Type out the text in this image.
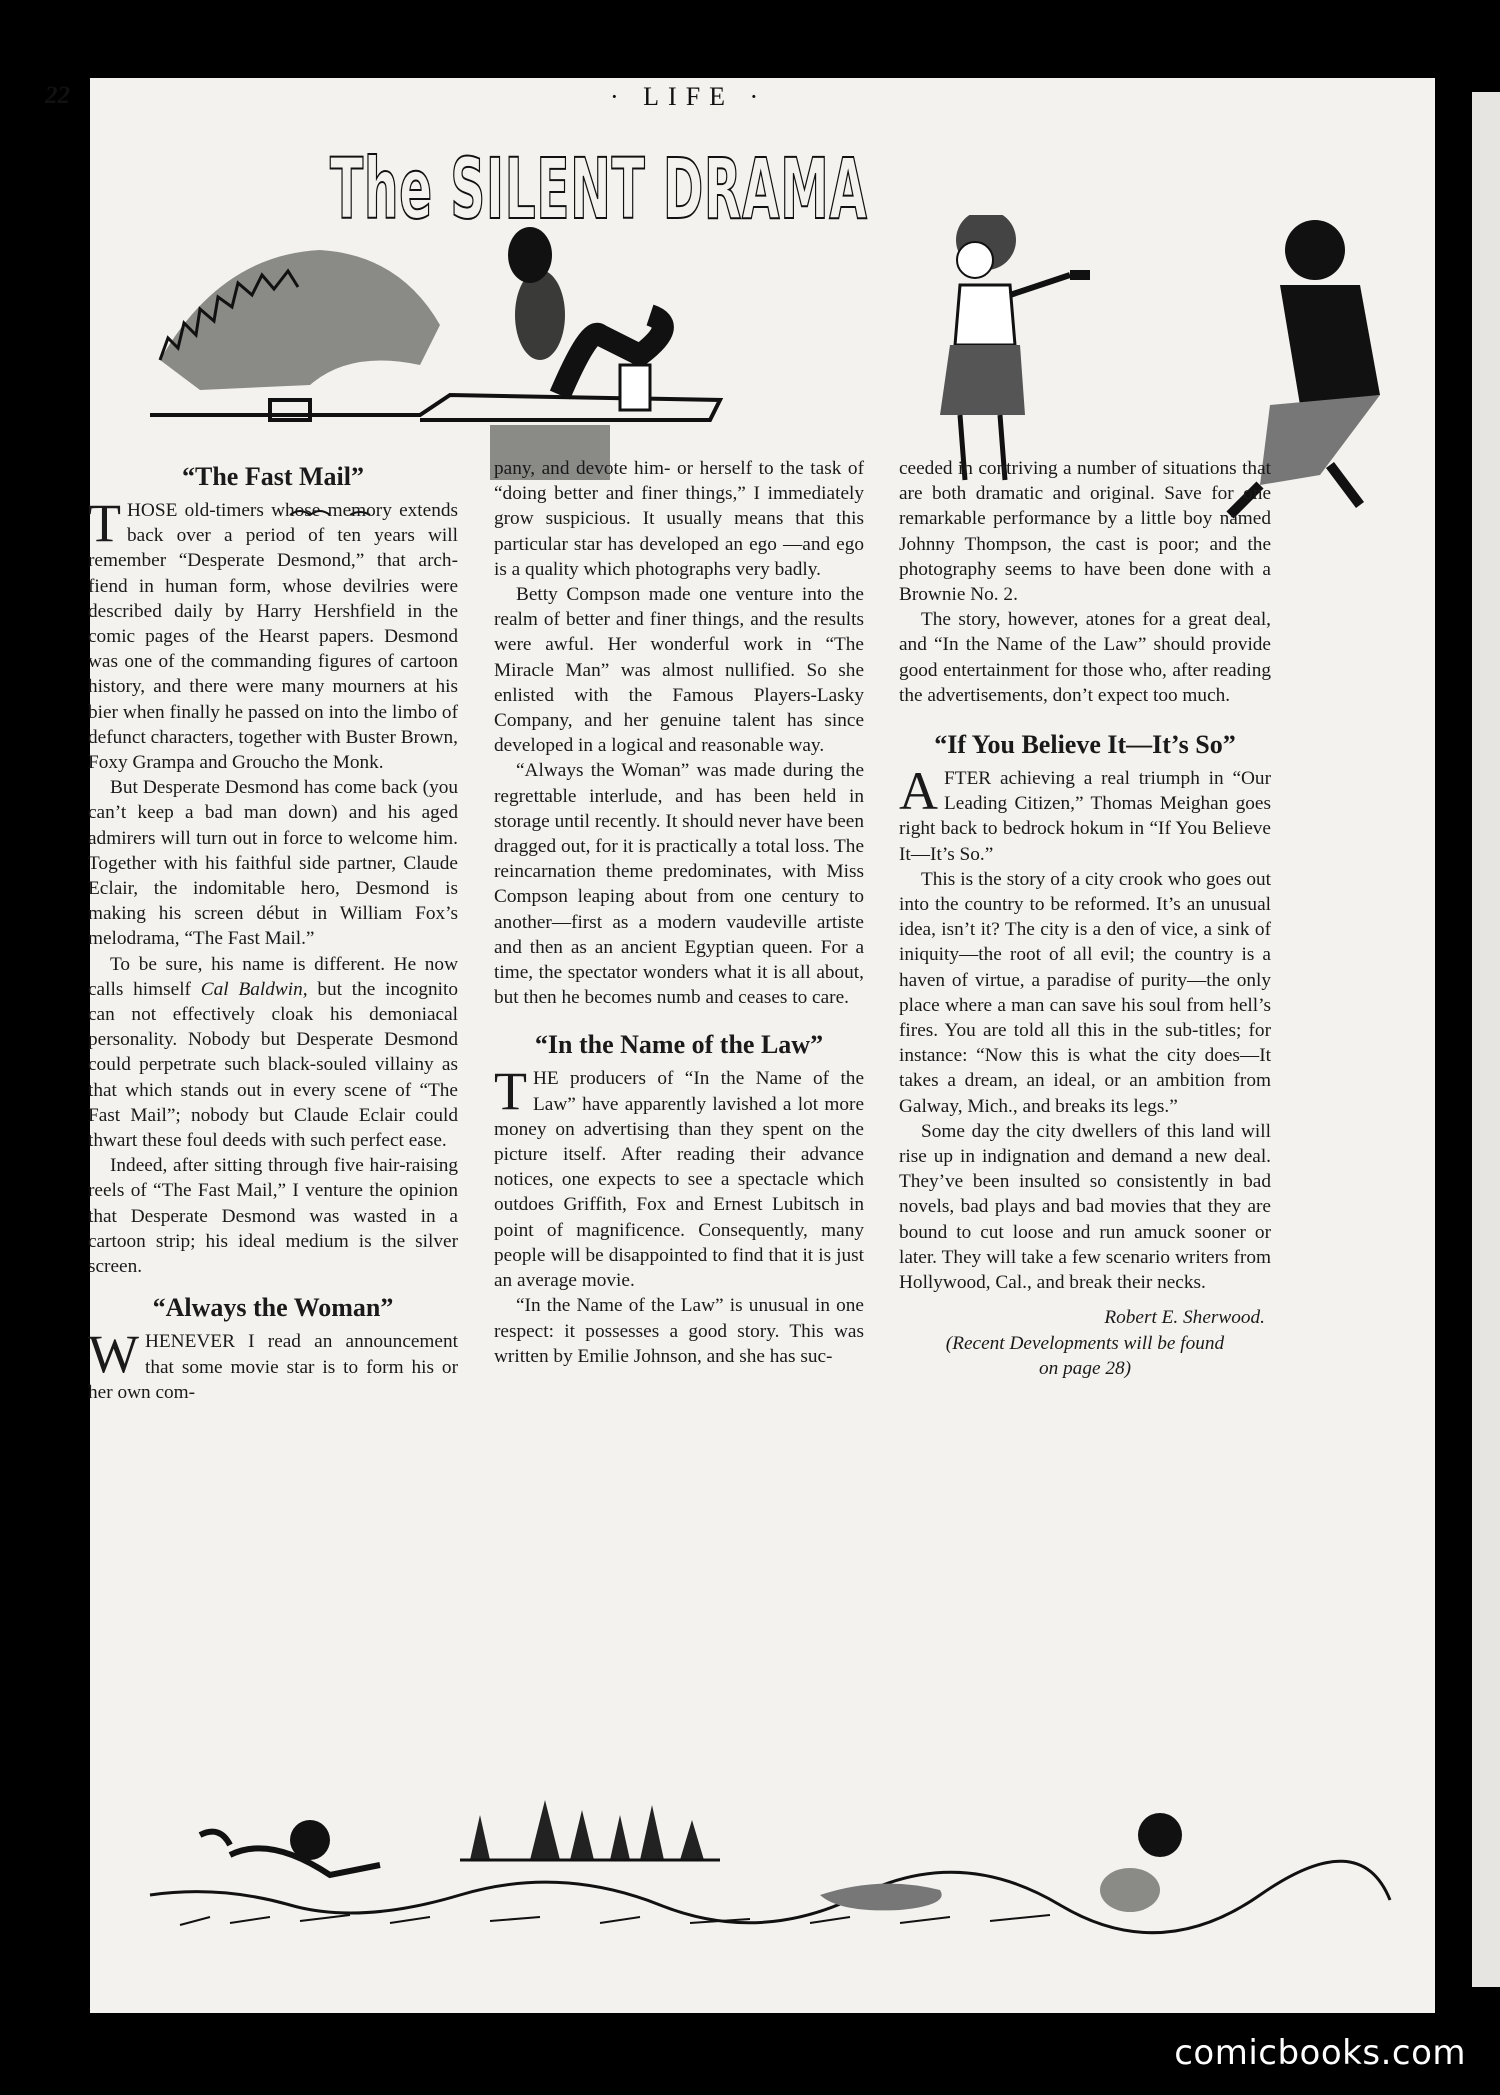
22	· LIFE ·
The SILENT DRAMA
“The Fast Mail”

THOSE old-timers whose memory extends back over a period of ten years will remember “Desperate Desmond,” that arch-fiend in human form, whose devilries were described daily by Harry Hershfield in the comic pages of the Hearst papers. Desmond was one of the commanding figures of cartoon history, and there were many mourners at his bier when finally he passed on into the limbo of defunct characters, together with Buster Brown, Foxy Grampa and Groucho the Monk.

But Desperate Desmond has come back (you can’t keep a bad man down) and his aged admirers will turn out in force to welcome him. Together with his faithful side partner, Claude Eclair, the indomitable hero, Desmond is making his screen début in William Fox’s melodrama, “The Fast Mail.”

To be sure, his name is different. He now calls himself Cal Baldwin, but the incognito can not effectively cloak his demoniacal personality. Nobody but Desperate Desmond could perpetrate such black-souled villainy as that which stands out in every scene of “The Fast Mail”; nobody but Claude Eclair could thwart these foul deeds with such perfect ease.

Indeed, after sitting through five hair-raising reels of “The Fast Mail,” I venture the opinion that Desperate Desmond was wasted in a cartoon strip; his ideal medium is the silver screen.

“Always the Woman”

WHENEVER I read an announcement that some movie star is to form his or her own com-

pany, and devote him- or herself to the task of “doing better and finer things,” I immediately grow suspicious. It usually means that this particular star has developed an ego —and ego is a quality which photographs very badly.

Betty Compson made one venture into the realm of better and finer things, and the results were awful. Her wonderful work in “The Miracle Man” was almost nullified. So she enlisted with the Famous Players-Lasky Company, and her genuine talent has since developed in a logical and reasonable way.

“Always the Woman” was made during the regrettable interlude, and has been held in storage until recently. It should never have been dragged out, for it is practically a total loss. The reincarnation theme predominates, with Miss Compson leaping about from one century to another—first as a modern vaudeville artiste and then as an ancient Egyptian queen. For a time, the spectator wonders what it is all about, but then he becomes numb and ceases to care.

“In the Name of the Law”

THE producers of “In the Name of the Law” have apparently lavished a lot more money on advertising than they spent on the picture itself. After reading their advance notices, one expects to see a spectacle which outdoes Griffith, Fox and Ernest Lubitsch in point of magnificence. Consequently, many people will be disappointed to find that it is just an average movie.

“In the Name of the Law” is unusual in one respect: it possesses a good story. This was written by Emilie Johnson, and she has suc-

ceeded in contriving a number of situations that are both dramatic and original. Save for one remarkable performance by a little boy named Johnny Thompson, the cast is poor; and the photography seems to have been done with a Brownie No. 2.

The story, however, atones for a great deal, and “In the Name of the Law” should provide good entertainment for those who, after reading the advertisements, don’t expect too much.

“If You Believe It—It’s So”

AFTER achieving a real triumph in “Our Leading Citizen,” Thomas Meighan goes right back to bedrock hokum in “If You Believe It—It’s So.”

This is the story of a city crook who goes out into the country to be reformed. It’s an unusual idea, isn’t it? The city is a den of vice, a sink of iniquity—the root of all evil; the country is a haven of virtue, a paradise of purity—the only place where a man can save his soul from hell’s fires. You are told all this in the sub-titles; for instance: “Now this is what the city does—It takes a dream, an ideal, or an ambition from Galway, Mich., and breaks its legs.”

Some day the city dwellers of this land will rise up in indignation and demand a new deal. They’ve been insulted so consistently in bad novels, bad plays and bad movies that they are bound to cut loose and run amuck sooner or later. They will take a few scenario writers from Hollywood, Cal., and break their necks.

Robert E. Sherwood.
(Recent Developments will be found
on page 28)
comicbooks.com
